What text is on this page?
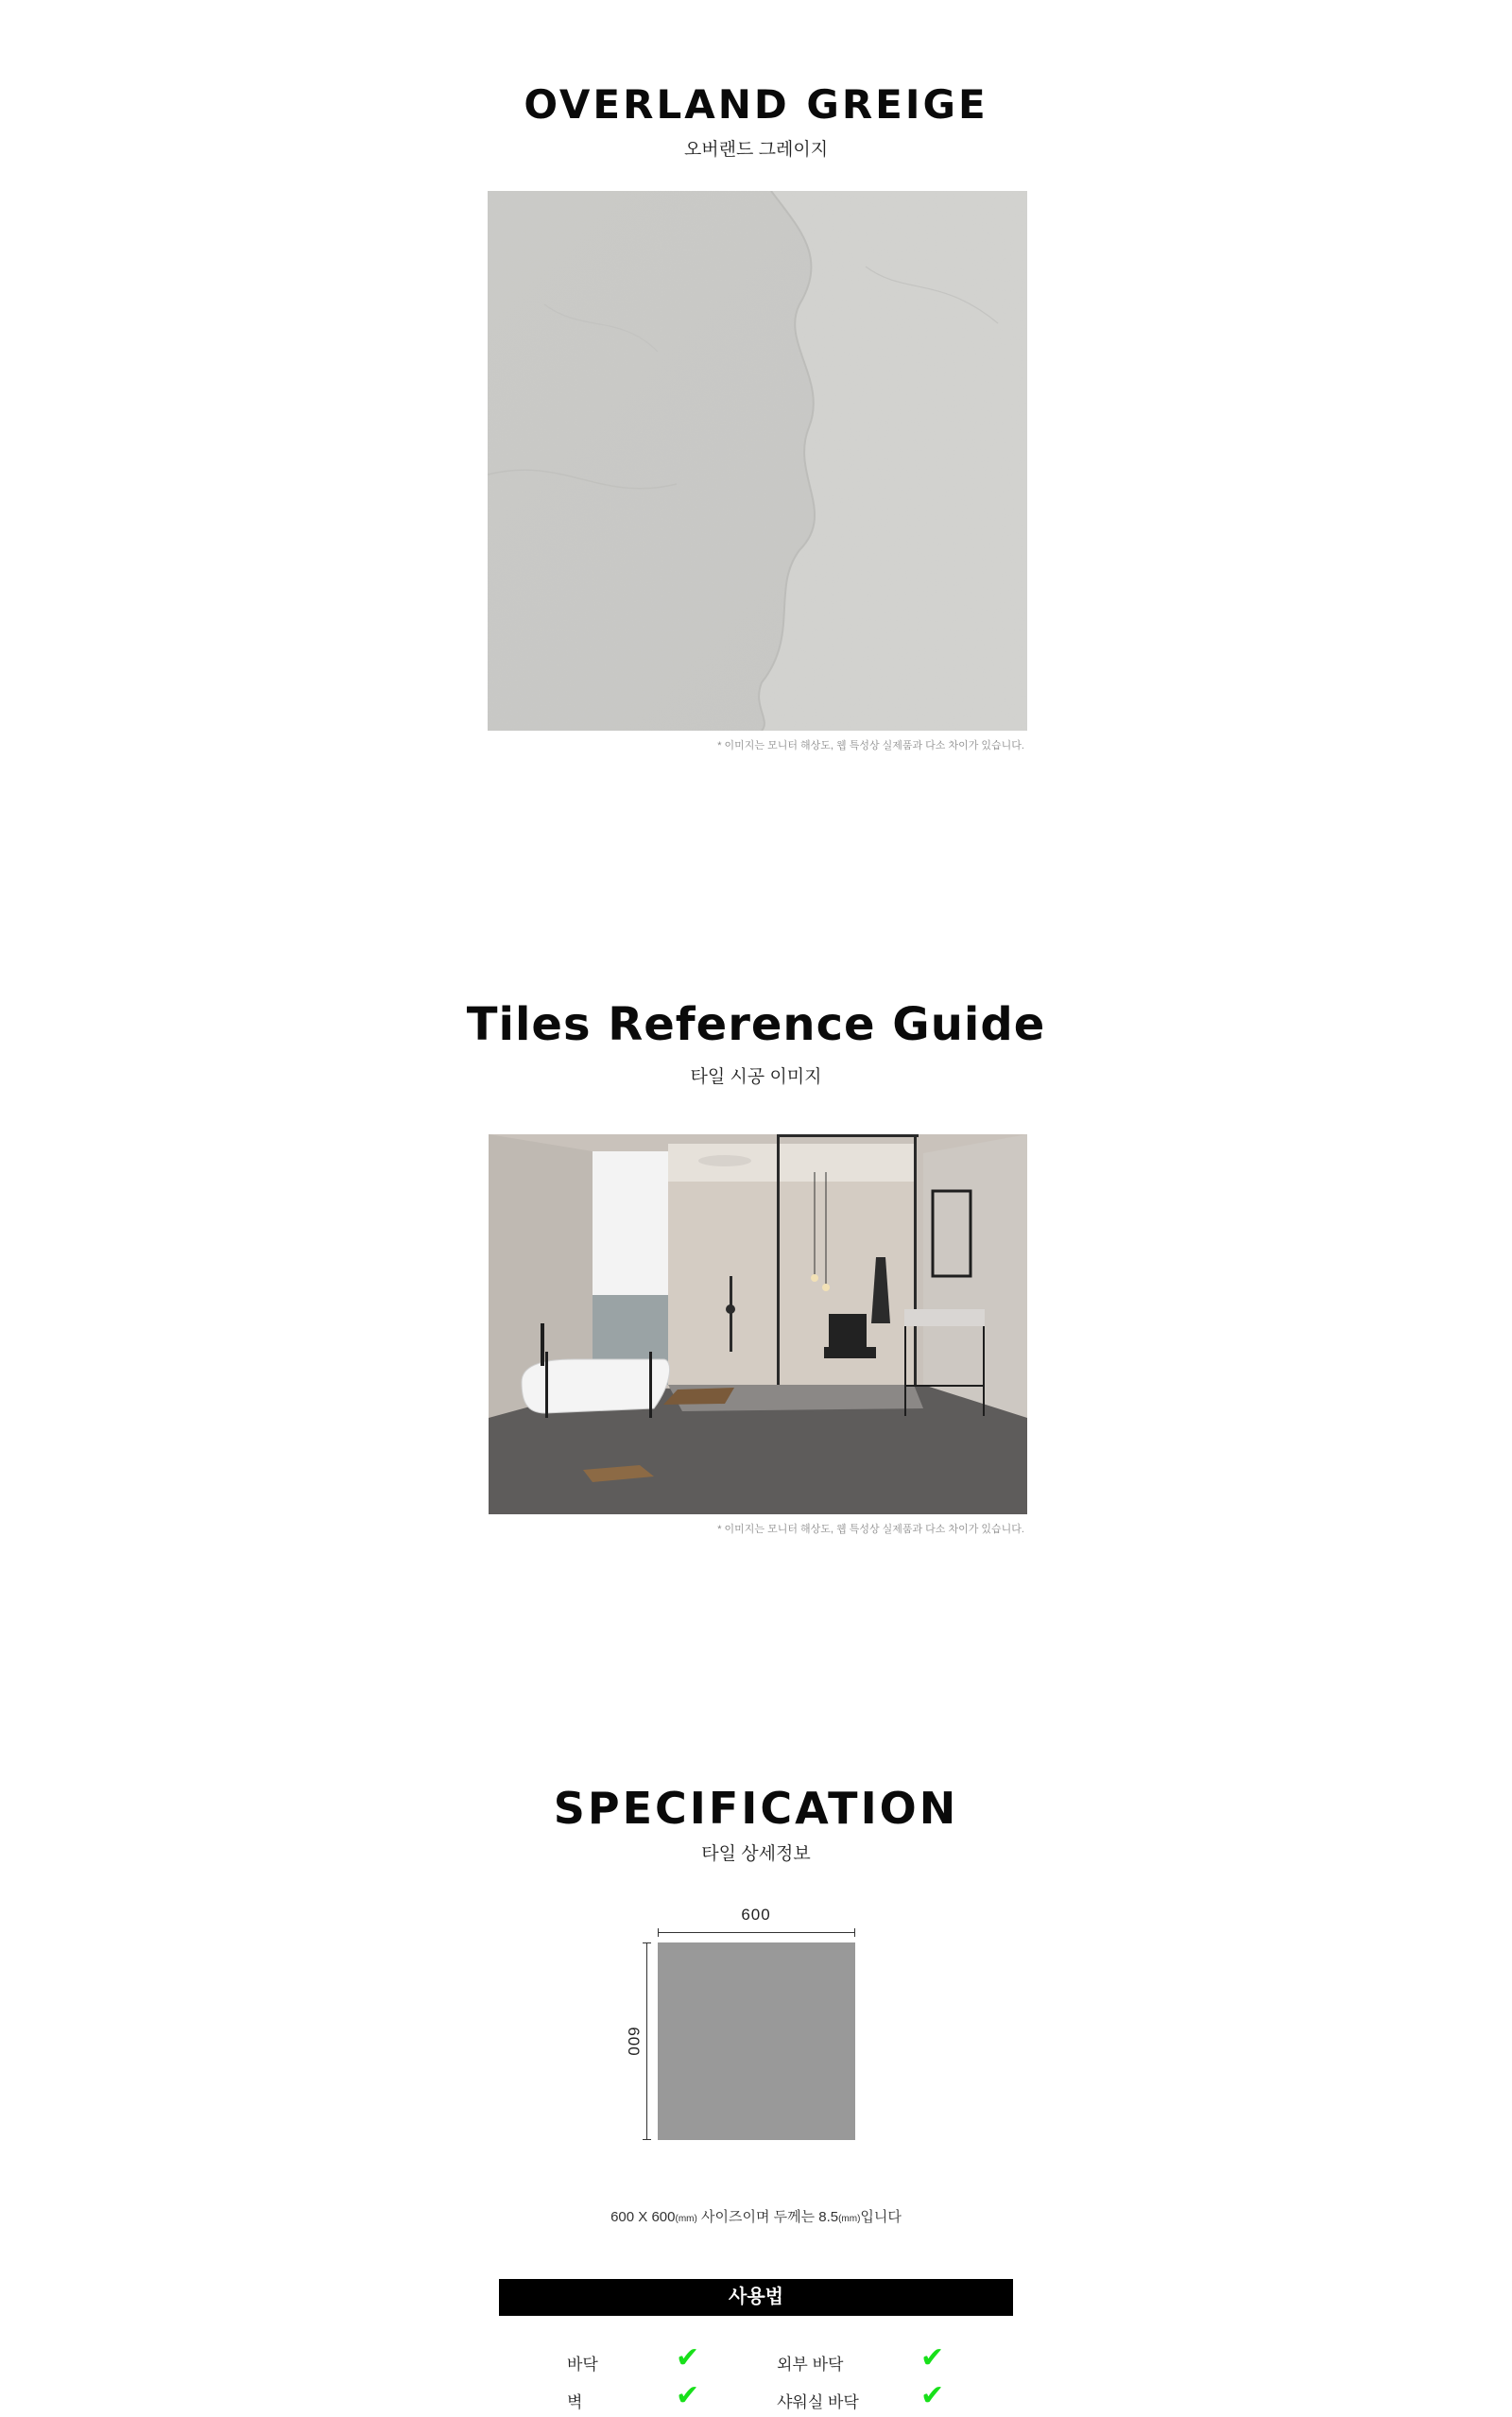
OVERLAND GREIGE
오버랜드 그레이지
* 이미지는 모니터 해상도, 웹 특성상 실제품과 다소 차이가 있습니다.
Tiles Reference Guide
타일 시공 이미지
* 이미지는 모니터 해상도, 웹 특성상 실제품과 다소 차이가 있습니다.
SPECIFICATION
타일 상세정보
600
600
600 X 600(mm) 사이즈이며 두께는 8.5(mm)입니다
사용법
바닥	✔	외부 바닥	✔
벽	✔	샤워실 바닥 ✔
